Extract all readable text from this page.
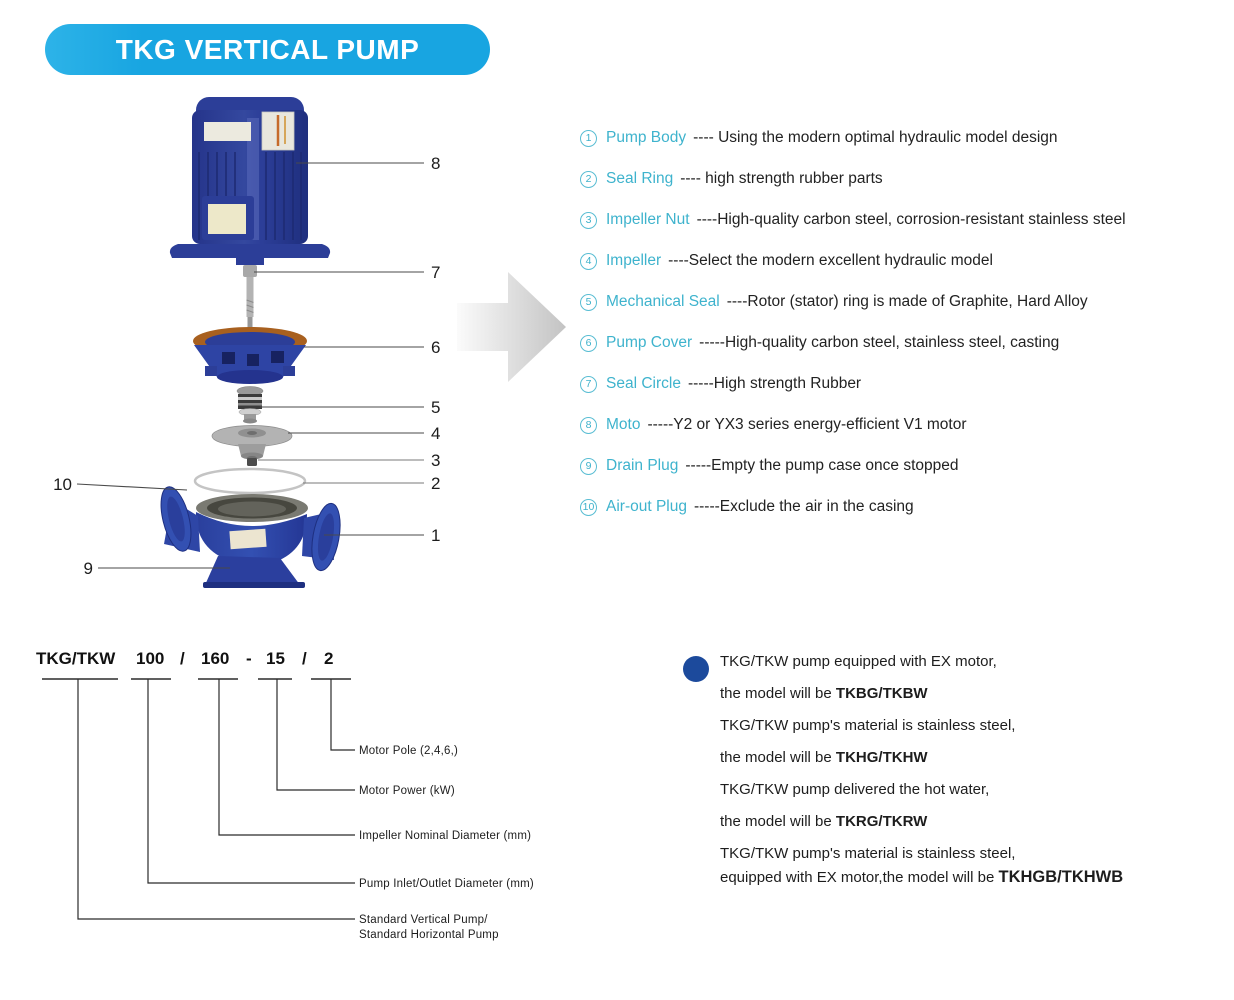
TKG VERTICAL PUMP
8
7
6
5
4
3
2
1
10
9
1 Pump Body ---- Using the modern optimal hydraulic model design
2 Seal Ring ---- high strength rubber parts
3 Impeller Nut ----High-quality carbon steel, corrosion-resistant stainless steel
4 Impeller ----Select the modern excellent hydraulic model
5 Mechanical Seal ----Rotor (stator) ring is made of Graphite, Hard Alloy
6 Pump Cover -----High-quality carbon steel, stainless steel, casting
7 Seal Circle -----High strength Rubber
8 Moto -----Y2 or YX3 series energy-efficient V1 motor
9 Drain Plug -----Empty the pump case once stopped
10 Air-out Plug -----Exclude the air in the casing
TKG/TKW 100 / 160 - 15 / 2
Motor Pole (2,4,6,)
Motor Power (kW)
Impeller Nominal Diameter (mm)
Pump Inlet/Outlet Diameter (mm)
Standard Vertical Pump/
Standard Horizontal Pump
TKG/TKW pump equipped with EX motor,
the model will be TKBG/TKBW
TKG/TKW pump's material is stainless steel,
the model will be TKHG/TKHW
TKG/TKW pump delivered the hot water,
the model will be TKRG/TKRW
TKG/TKW pump's material is stainless steel,
equipped with EX motor,the model will be TKHGB/TKHWB
